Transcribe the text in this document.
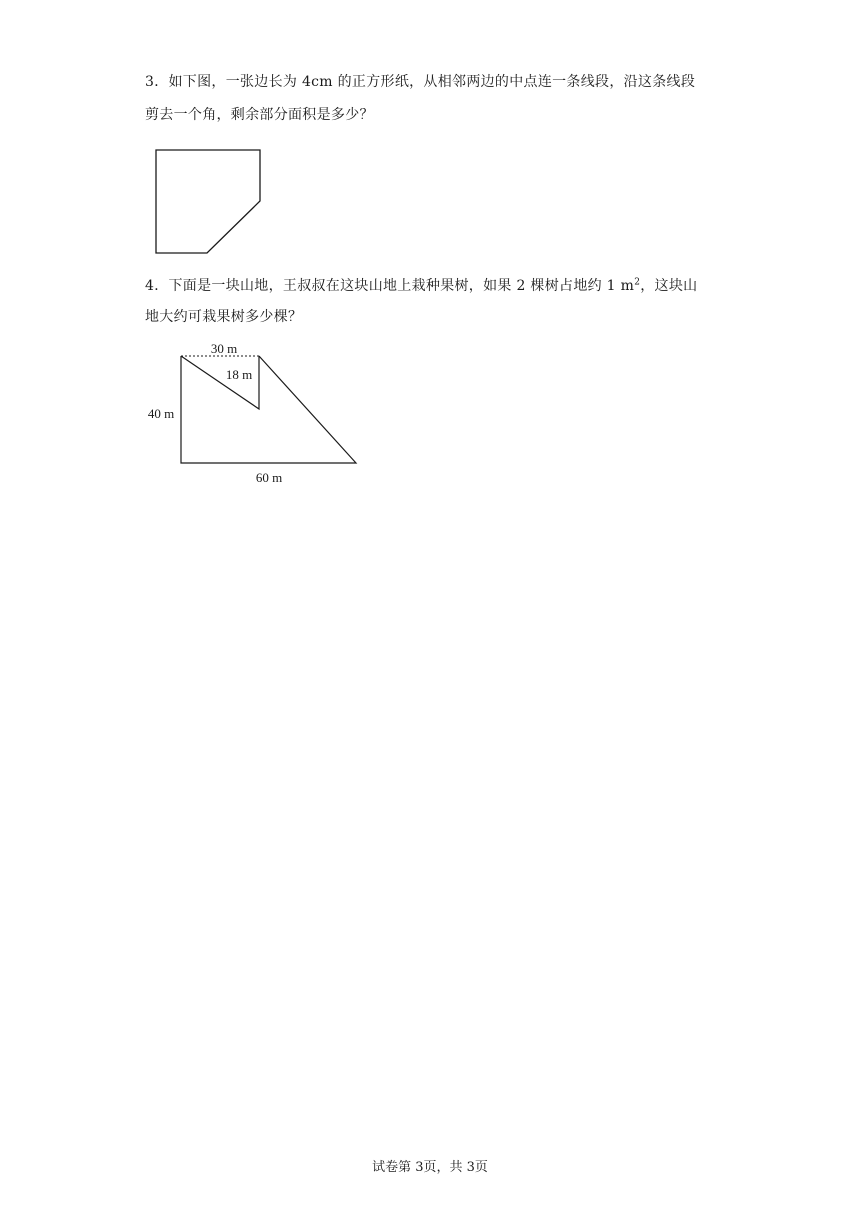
3．如下图，一张边长为 4cm 的正方形纸，从相邻两边的中点连一条线段，沿这条线段
剪去一个角，剩余部分面积是多少？
4．下面是一块山地，王叔叔在这块山地上栽种果树，如果 2 棵树占地约 1 $m^2$，这块山
地大约可栽果树多少棵？
30 m
18 m
40 m
60 m
试卷第 3页，共 3页
